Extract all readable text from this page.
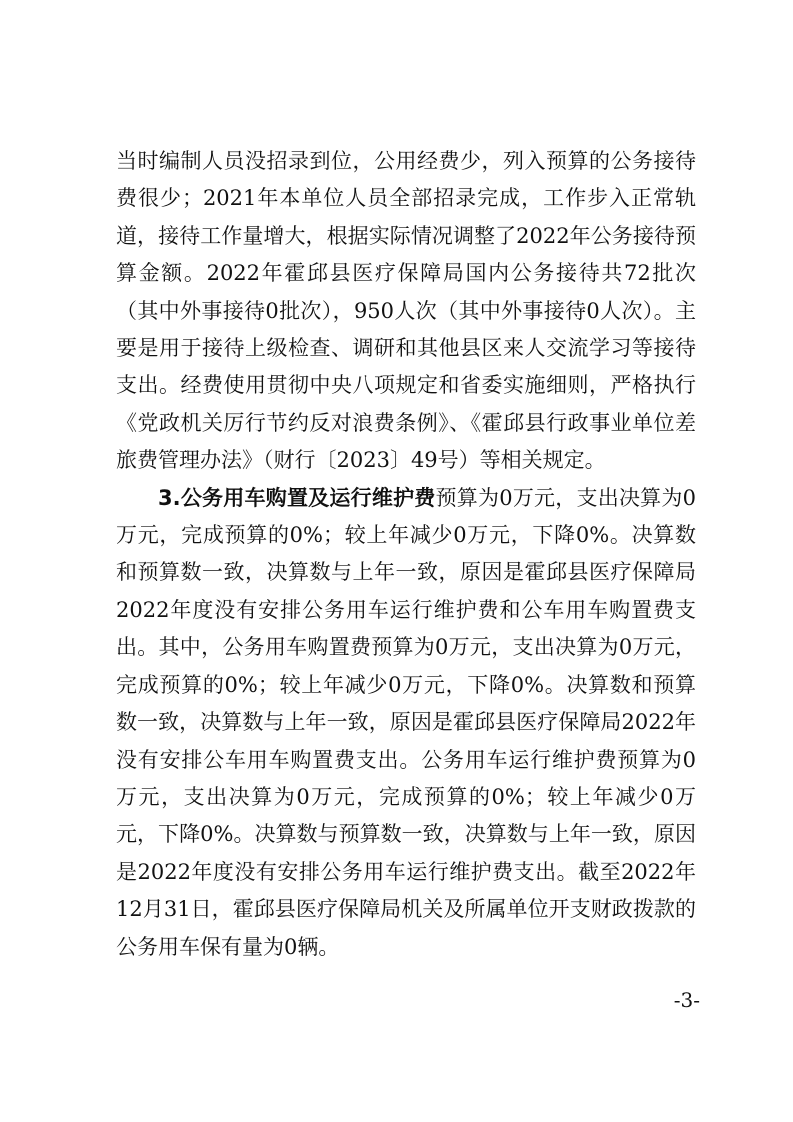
当时编制人员没招录到位，公用经费少，列入预算的公务接待费很少；2021年本单位人员全部招录完成，工作步入正常轨道，接待工作量增大，根据实际情况调整了2022年公务接待预算金额。2022年霍邱县医疗保障局国内公务接待共72批次（其中外事接待0批次），950人次（其中外事接待0人次）。主要是用于接待上级检查、调研和其他县区来人交流学习等接待支出。经费使用贯彻中央八项规定和省委实施细则，严格执行《党政机关厉行节约反对浪费条例》、《霍邱县行政事业单位差旅费管理办法》（财行〔2023〕49号）等相关规定。

3.公务用车购置及运行维护费预算为0万元，支出决算为0万元，完成预算的0%；较上年减少0万元，下降0%。决算数和预算数一致，决算数与上年一致，原因是霍邱县医疗保障局2022年度没有安排公务用车运行维护费和公车用车购置费支出。其中，公务用车购置费预算为0万元，支出决算为0万元，完成预算的0%；较上年减少0万元，下降0%。决算数和预算数一致，决算数与上年一致，原因是霍邱县医疗保障局2022年没有安排公车用车购置费支出。公务用车运行维护费预算为0万元，支出决算为0万元，完成预算的0%；较上年减少0万元，下降0%。决算数与预算数一致，决算数与上年一致，原因是2022年度没有安排公务用车运行维护费支出。截至2022年12月31日，霍邱县医疗保障局机关及所属单位开支财政拨款的公务用车保有量为0辆。

-3-
